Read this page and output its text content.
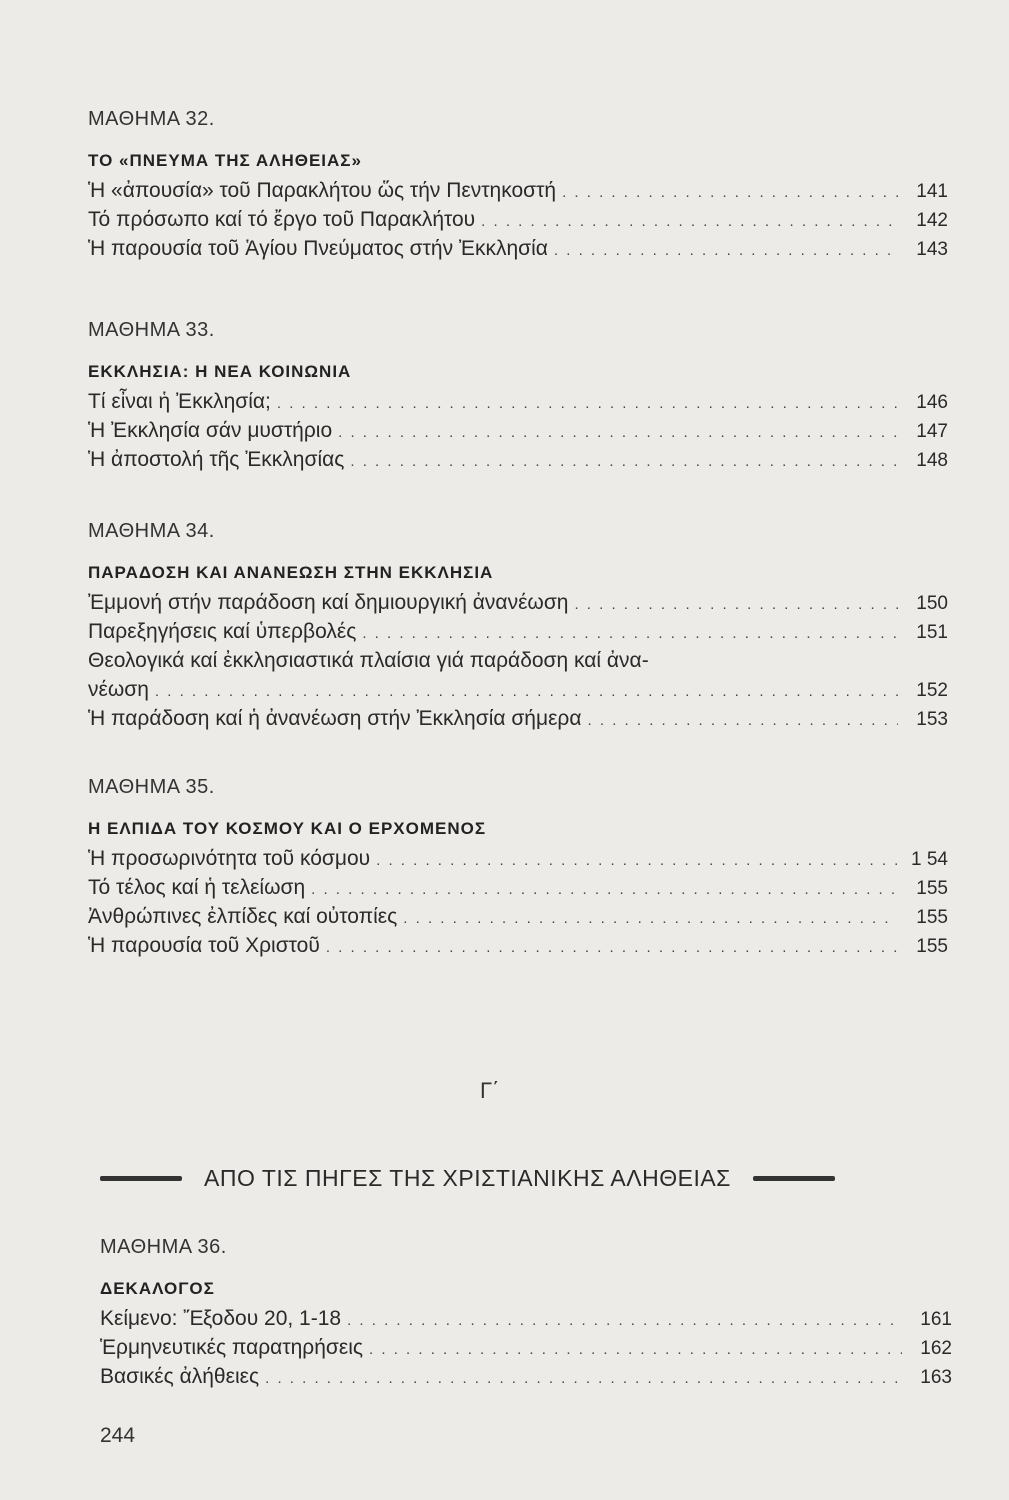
ΜΑΘΗΜΑ 32.
ΤΟ «ΠΝΕΥΜΑ ΤΗΣ ΑΛΗΘΕΙΑΣ»
Ἡ «ἀπουσία» τοῦ Παρακλήτου ὥς τήν Πεντηκοστή . . .	141
Τό πρόσωπο καί τό ἔργο τοῦ Παρακλήτου . . .	142
Ἡ παρουσία τοῦ Ἁγίου Πνεύματος στήν Ἐκκλησία . . .	143
ΜΑΘΗΜΑ 33.
ΕΚΚΛΗΣΙΑ: Η ΝΕΑ ΚΟΙΝΩΝΙΑ
Τί εἶναι ἡ Ἐκκλησία; . . .	146
Ἡ Ἐκκλησία σάν μυστήριο . . .	147
Ἡ ἀποστολή τῆς Ἐκκλησίας . . .	148
ΜΑΘΗΜΑ 34.
ΠΑΡΑΔΟΣΗ ΚΑΙ ΑΝΑΝΕΩΣΗ ΣΤΗΝ ΕΚΚΛΗΣΙΑ
Ἐμμονή στήν παράδοση καί δημιουργική ἀνανέωση . . .	150
Παρεξηγήσεις καί ὑπερβολές . . .	151
Θεολογικά καί ἐκκλησιαστικά πλαίσια γιά παράδοση καί ἀνα-
νέωση . . .	152
Ἡ παράδοση καί ἡ ἀνανέωση στήν Ἐκκλησία σήμερα . . .	153
ΜΑΘΗΜΑ 35.
Η ΕΛΠΙΔΑ ΤΟΥ ΚΟΣΜΟΥ ΚΑΙ Ο ΕΡΧΟΜΕΝΟΣ
Ἡ προσωρινότητα τοῦ κόσμου . . .	1 54
Τό τέλος καί ἡ τελείωση . . .	155
Ἀνθρώπινες ἐλπίδες καί οὐτοπίες . . .	155
Ἡ παρουσία τοῦ Χριστοῦ . . .	155
Γ΄
ΑΠΟ ΤΙΣ ΠΗΓΕΣ ΤΗΣ ΧΡΙΣΤΙΑΝΙΚΗΣ ΑΛΗΘΕΙΑΣ
ΜΑΘΗΜΑ 36.
ΔΕΚΑΛΟΓΟΣ
Κείμενο: Ἔξοδου 20, 1-18 . . .	161
Ἑρμηνευτικές παρατηρήσεις . . .	162
Βασικές ἀλήθειες . . .	163
244
